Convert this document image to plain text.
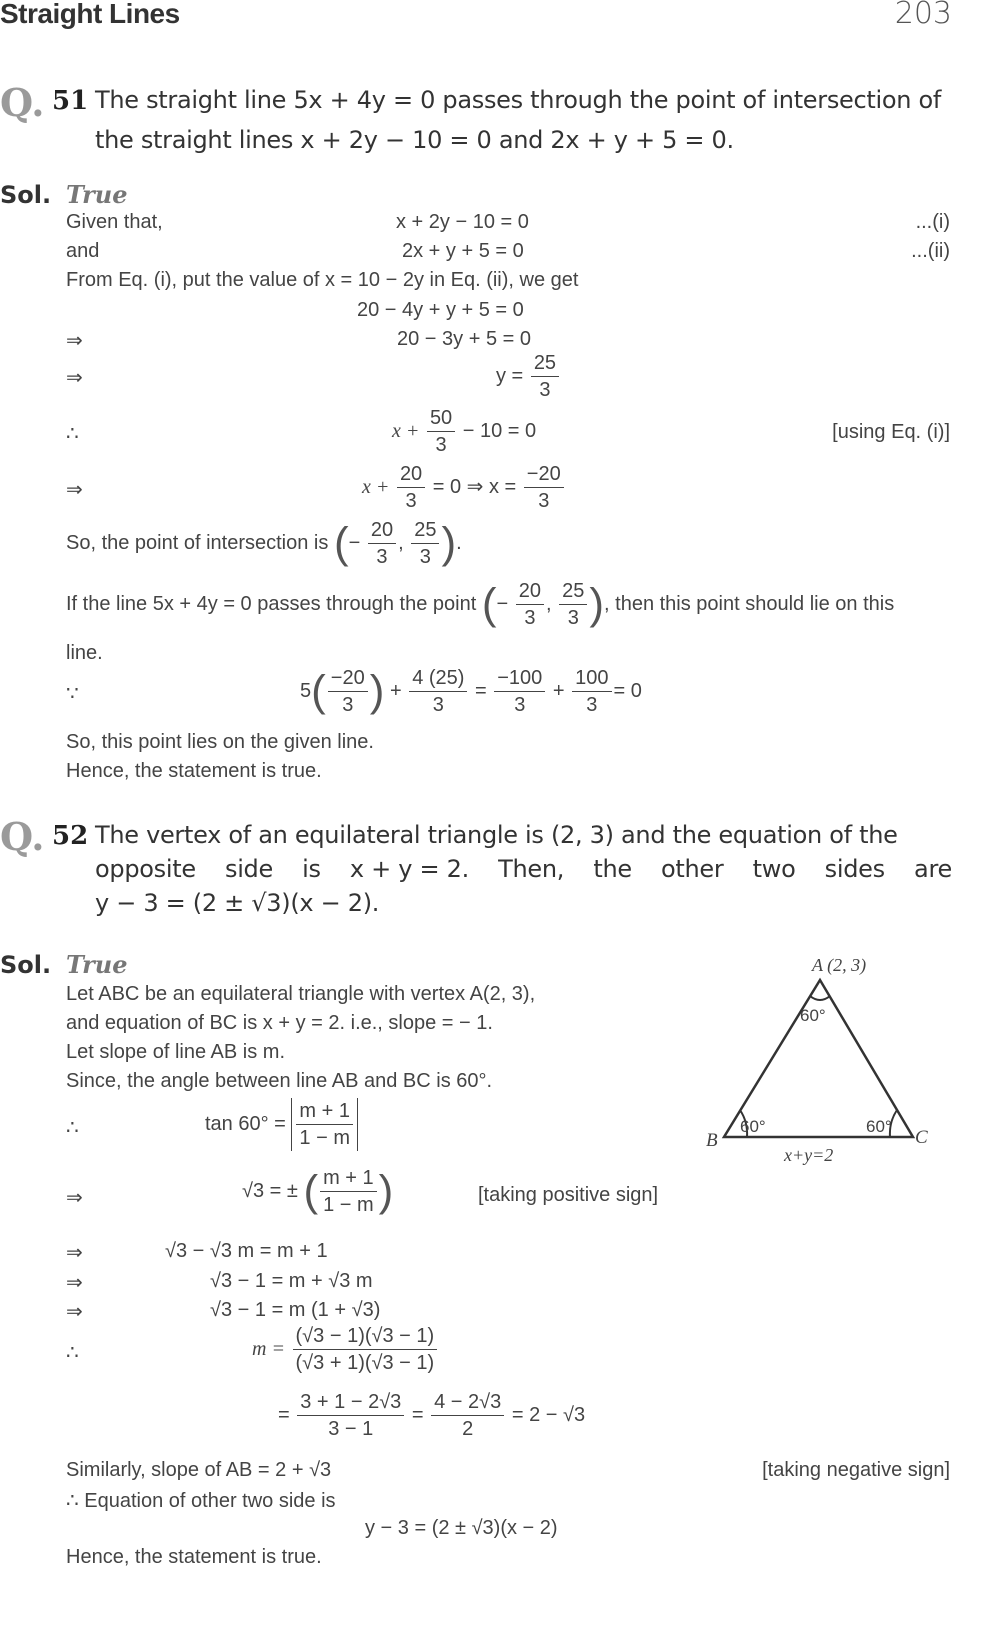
Straight Lines	203
Q. 51 The straight line 5x + 4y = 0 passes through the point of intersection of
the straight lines x + 2y − 10 = 0 and 2x + y + 5 = 0.
Sol. True
Given that,	x + 2y − 10 = 0	...(i)
and	2x + y + 5 = 0	...(ii)
From Eq. (i), put the value of x = 10 − 2y in Eq. (ii), we get
20 − 4y + y + 5 = 0
⇒	20 − 3y + 5 = 0
⇒	$y = \frac{25}{3}$
∴	$x + \frac{50}{3} - 10 = 0$	[using Eq. (i)]
⇒	$x + \frac{20}{3} = 0$ ⇒ $x = \frac{-20}{3}$
So, the point of intersection is (− $\frac{20}{3}$ , $\frac{25}{3}$ ).
If the line 5x + 4y = 0 passes through the point (− $\frac{20}{3}$ , $\frac{25}{3}$ ), then this point should lie on this
line.
∵	$5( \frac{-20}{3}$ ) + $\frac{4 (25)}{3} = \frac{-100}{3} + \frac{100}{3} = 0$
So, this point lies on the given line.
Hence, the statement is true.
Q. 52 The vertex of an equilateral triangle is (2, 3) and the equation of the
opposite side is x + y = 2. Then, the other two sides are
y − 3 = (2 ± √3)(x − 2).
Sol. True
Let ABC be an equilateral triangle with vertex A(2, 3),
and equation of BC is x + y = 2. i.e., slope = − 1.
Let slope of line AB is m.
Since, the angle between line AB and BC is 60°.
∴	$\tan 60^\circ = \frac{m + 1}{1 - m}$
⇒	√3 = ± ( $\frac{m + 1}{1 - m}$ )	[taking positive sign]
⇒	√3 − √3 m = m + 1
⇒	√3 − 1 = m + √3 m
⇒	√3 − 1 = m (1 + √3)
∴	$m = \frac{(√3 - 1)(√3 - 1)}{(√3 + 1)(√3 - 1)}$
= $\frac{3 + 1 - 2√3}{3 - 1} = \frac{4 - 2√3}{2} = 2 - √3$
Similarly, slope of AB = 2 + √3	[taking negative sign]
∴ Equation of other two side is
y − 3 = (2 ± √3)(x − 2)
Hence, the statement is true.
A (2, 3)
60°
B
60°	60°
C
x+y=2
